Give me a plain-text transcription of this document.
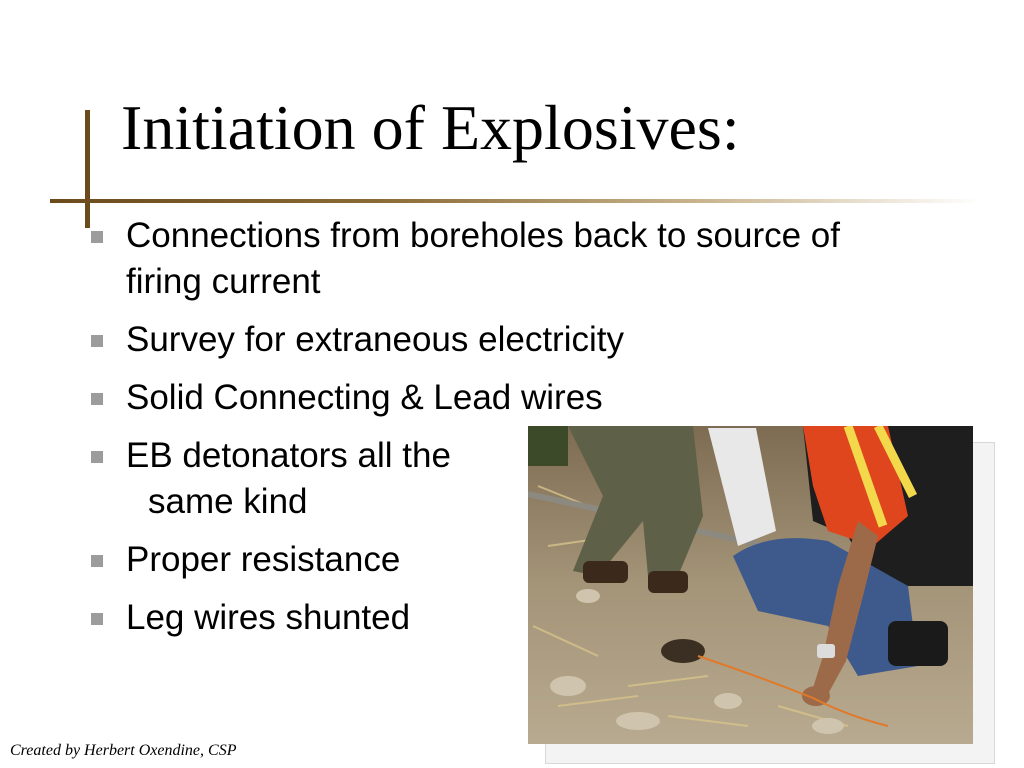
Initiation of Explosives:
Connections from boreholes back to source of firing current
Survey for extraneous electricity
Solid Connecting & Lead wires
EB detonators all the
same kind
Proper resistance
Leg wires shunted
Created by Herbert Oxendine, CSP
